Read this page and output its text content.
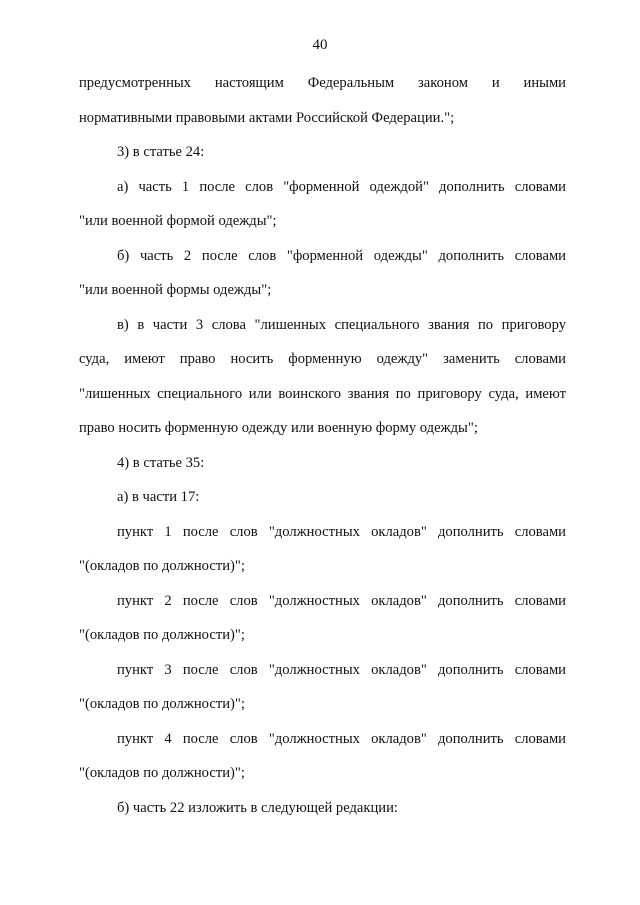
40
предусмотренных настоящим Федеральным законом и иными
нормативными правовыми актами Российской Федерации.";
3) в статье 24:
а) часть 1 после слов "форменной одеждой" дополнить словами
"или военной формой одежды";
б) часть 2 после слов "форменной одежды" дополнить словами
"или военной формы одежды";
в) в части 3 слова "лишенных специального звания по приговору
суда, имеют право носить форменную одежду" заменить словами
"лишенных специального или воинского звания по приговору суда, имеют
право носить форменную одежду или военную форму одежды";
4) в статье 35:
а) в части 17:
пункт 1 после слов "должностных окладов" дополнить словами
"(окладов по должности)";
пункт 2 после слов "должностных окладов" дополнить словами
"(окладов по должности)";
пункт 3 после слов "должностных окладов" дополнить словами
"(окладов по должности)";
пункт 4 после слов "должностных окладов" дополнить словами
"(окладов по должности)";
б) часть 22 изложить в следующей редакции:
